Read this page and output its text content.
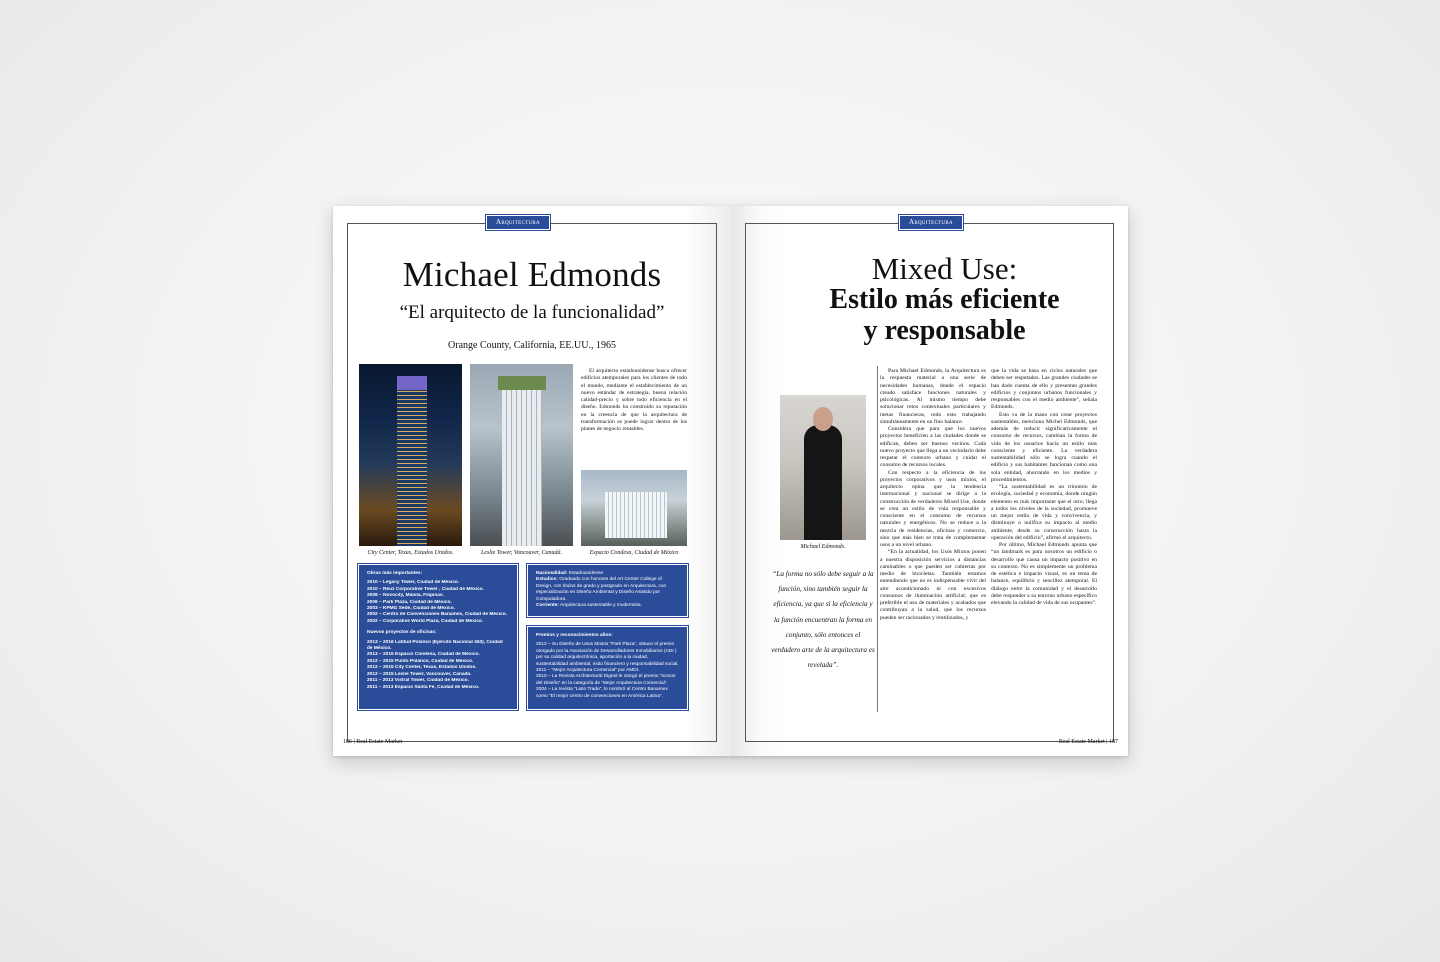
Arquitectura
Michael Edmonds
“El arquitecto de la funcionalidad”
Orange County, California, EE.UU., 1965
City Center, Texas, Estados Unidos.	Leslie Tower, Vancouver, Canadá.	Espacio Condesa, Ciudad de México
El arquitecto estadounidense busca ofrecer edificios atemporales para los clientes de todo el mundo, mediante el establecimiento de un nuevo estándar de estrategia, buena relación calidad-precio y sobre todo eficiencia en el diseño. Edmonds ha construido su reputación en la creencia de que la arquitectura de transformación se puede lograr dentro de los planes de negocio rentables.
Obras más importantes:
2010 – Legacy Tower, Ciudad de México.
2010 – Reuz Corporative Tower , Ciudad de México.
2008 – Novocity, Manila, Filipinas.
2006 – Park Plaza, Ciudad de México.
2003 – KPMG Sede, Ciudad de México.
2002 – Centro de Convenciones Banamex, Ciudad de México.
2002 – Corporative World Plaza, Ciudad de México.
Nuevos proyectos de oficinas:
2013 – 2016 Latitud Polanco (Ejercito Nacional 453), Ciudad de México.
2013 – 2015 Espacio Condesa, Ciudad de México.
2012 – 2015 Punto Polanco, Ciudad de México.
2012 – 2015 City Center, Texas, Estados Unidos.
2012 – 2015 Leslie Tower, Vancouver, Canadá.
2011 – 2013 Vistral Tower, Ciudad de México.
2011 – 2013 Espacio Santa Fe, Ciudad de México.
Nacionalidad: Estadounidense
Estudios: Graduado con honores del Art Center College of Design, con títulos de grado y postgrado en Arquitectura, con especialización en Diseño Ambiental y Diseño Asistido por Computadora.
Corriente: Arquitectura sustentable y modernista.
Premios y reconocimientos años:
2012 – Su Diseño de Usos Mixtos “Park Plaza”, obtuvo el premio otorgado por la Asociación de Desarrolladores Inmobiliarios (ADI ) por su calidad arquitectónica, aportación a la ciudad, sustentabilidad ambiental, éxito financiero y responsabilidad social.
2011 – “Mejor Arquitectura Comercial” por AMDI.
2010 – La Revista Architectural Digest le otorgó el premio “Iconos del Diseño” en la categoría de “Mejor Arquitectura Comercial”.
2004 – La revista “Latin Trade”, lo nombró al Centro Banamex como “El mejor centro de convenciones en América Latina”.
186 | Real Estate Market
Arquitectura
Mixed Use:
Estilo más eficiente
y responsable
Michael Edmonds.
“La forma no sólo debe seguir a la función, sino también seguir la eficiencia, ya que si la eficiencia y la función encuentran la forma en conjunto, sólo entonces el verdadero arte de la arquitectura es revelada”.

Para Michael Edmonds, la Arquitectura es la respuesta material a una serie de necesidades humanas, donde el espacio creado satisface funciones naturales y psicológicas. Al mismo tiempo debe solucionar retos contextuales particulares y metas financieras, todo esto trabajando simultáneamente en un fino balance.

Considera que para que los nuevos proyectos beneficien a las ciudades donde se edifican, deben ser buenos vecinos. Cada nuevo proyecto que llega a un vecindario debe respetar el contexto urbano y cuidar el consumo de recursos locales.

Con respecto a la eficiencia de los proyectos corporativos y usos mixtos, el arquitecto opina que la tendencia internacional y nacional se dirige a la construcción de verdaderos Mixed Use, donde se crea un estilo de vida responsable y consciente en el consumo de recursos naturales y energéticos. No se reduce a la mezcla de residencias, oficinas y comercio, sino que más bien se trata de complementar usos a un nivel urbano.

“En la actualidad, los Usos Mixtos ponen a nuestra disposición servicios a distancias caminables o que pueden ser cubiertas por medio de bicicletas. También estamos entendiendo que no es indispensable vivir del aire acondicionado ni con excesivos consumos de iluminación artificial; que es preferible el uso de materiales y acabados que contribuyan a la salud, que los recursos pueden ser racionados y reutilizados, y

que la vida se basa en ciclos naturales que deben ser respetados. Las grandes ciudades se han dado cuenta de ello y presentan grandes edificios y conjuntos urbanos funcionales y responsables con el medio ambiente”, señala Edmonds.

Esto va de la mano con crear proyectos sustentables, menciona Michel Edmonds, que además de reducir significativamente el consumo de recursos, cambian la forma de vida de los usuarios hacia un estilo más consciente y eficiente. La verdadera sustentabilidad sólo se logra cuando el edificio y sus habitantes funcionan como una sola entidad, ahorrando en los medios y procedimientos.

“La sustentabilidad es un trinomio de ecología, sociedad y economía, donde ningún elemento es más importante que el otro; llega a todos los niveles de la sociedad, promueve un mejor estilo de vida y convivencia, y disminuye o nulifica su impacto al medio ambiente, desde su construcción hasta la operación del edificio”, afirmó el arquitecto.

Por último, Michael Edmonds apunta que “un landmark es para nosotros un edificio o desarrollo que causa un impacto positivo en su contexto. No es simplemente un problema de estética e impacto visual, es un tema de balance, equilibrio y sencillez atemporal. El diálogo entre la comunidad y el desarrollo debe responder a su entorno urbano específico elevando la calidad de vida de sus ocupantes”.

Real Estate Market | 187
